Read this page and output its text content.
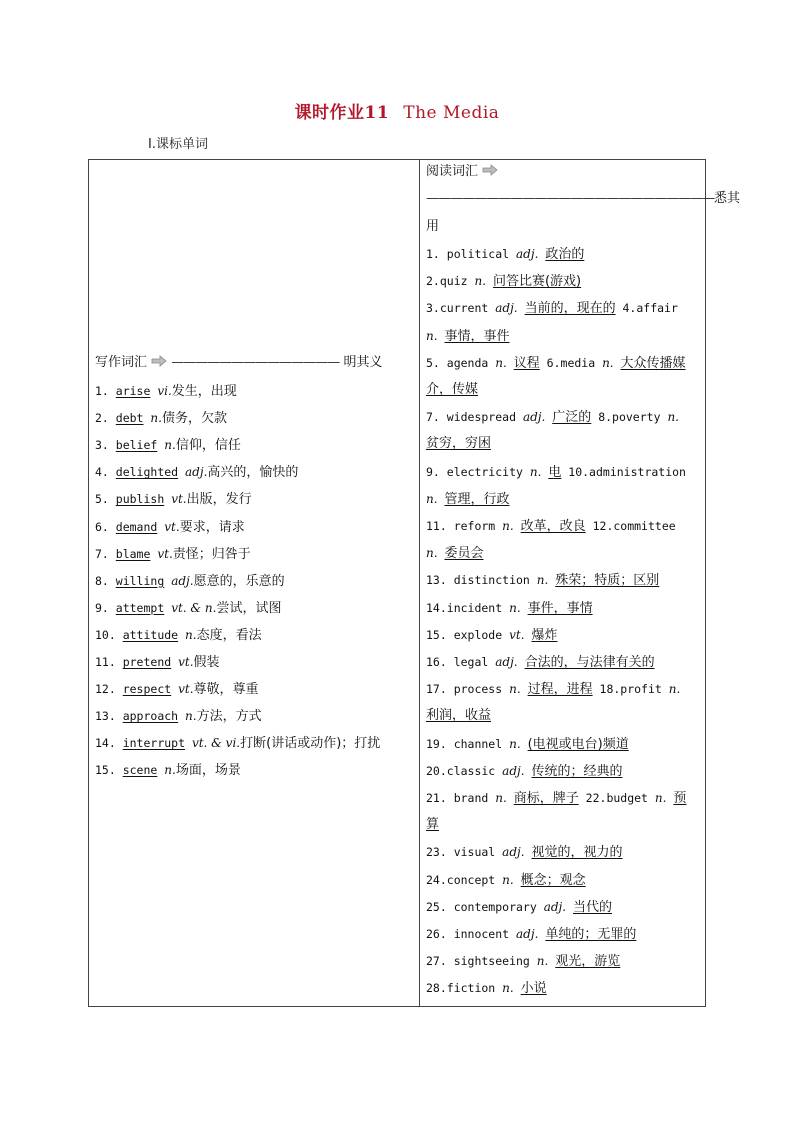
课时作业11 The Media
Ⅰ.课标单词
写作词汇 —————————————— 明其义
1. arise vi.发生，出现
2. debt n.债务，欠款
3. belief n.信仰，信任
4. delighted adj.高兴的，愉快的
5. publish vt.出版，发行
6. demand vt.要求，请求
7. blame vt.责怪；归咎于
8. willing adj.愿意的，乐意的
9. attempt vt. & n.尝试，试图
10. attitude n.态度，看法
11. pretend vt.假装
12. respect vt.尊敬，尊重
13. approach n.方法，方式
14. interrupt vt. & vi.打断(讲话或动作)；打扰
15. scene n.场面，场景
阅读词汇
————————————————————————悉其
用
1. political adj. 政治的
2.quiz n. 问答比赛(游戏)
3.current adj. 当前的，现在的 4.affair
n. 事情，事件
5. agenda n. 议程 6.media n. 大众传播媒
介，传媒
7. widespread adj. 广泛的 8.poverty n.
贫穷，穷困
9. electricity n. 电 10.administration
n. 管理，行政
11. reform n. 改革，改良 12.committee
n. 委员会
13. distinction n. 殊荣；特质；区别
14.incident n. 事件，事情
15. explode vt. 爆炸
16. legal adj. 合法的，与法律有关的
17. process n. 过程，进程 18.profit n.
利润，收益
19. channel n. (电视或电台)频道
20.classic adj. 传统的；经典的
21. brand n. 商标，牌子 22.budget n. 预
算
23. visual adj. 视觉的，视力的
24.concept n. 概念；观念
25. contemporary adj. 当代的
26. innocent adj. 单纯的；无罪的
27. sightseeing n. 观光，游览
28.fiction n. 小说
